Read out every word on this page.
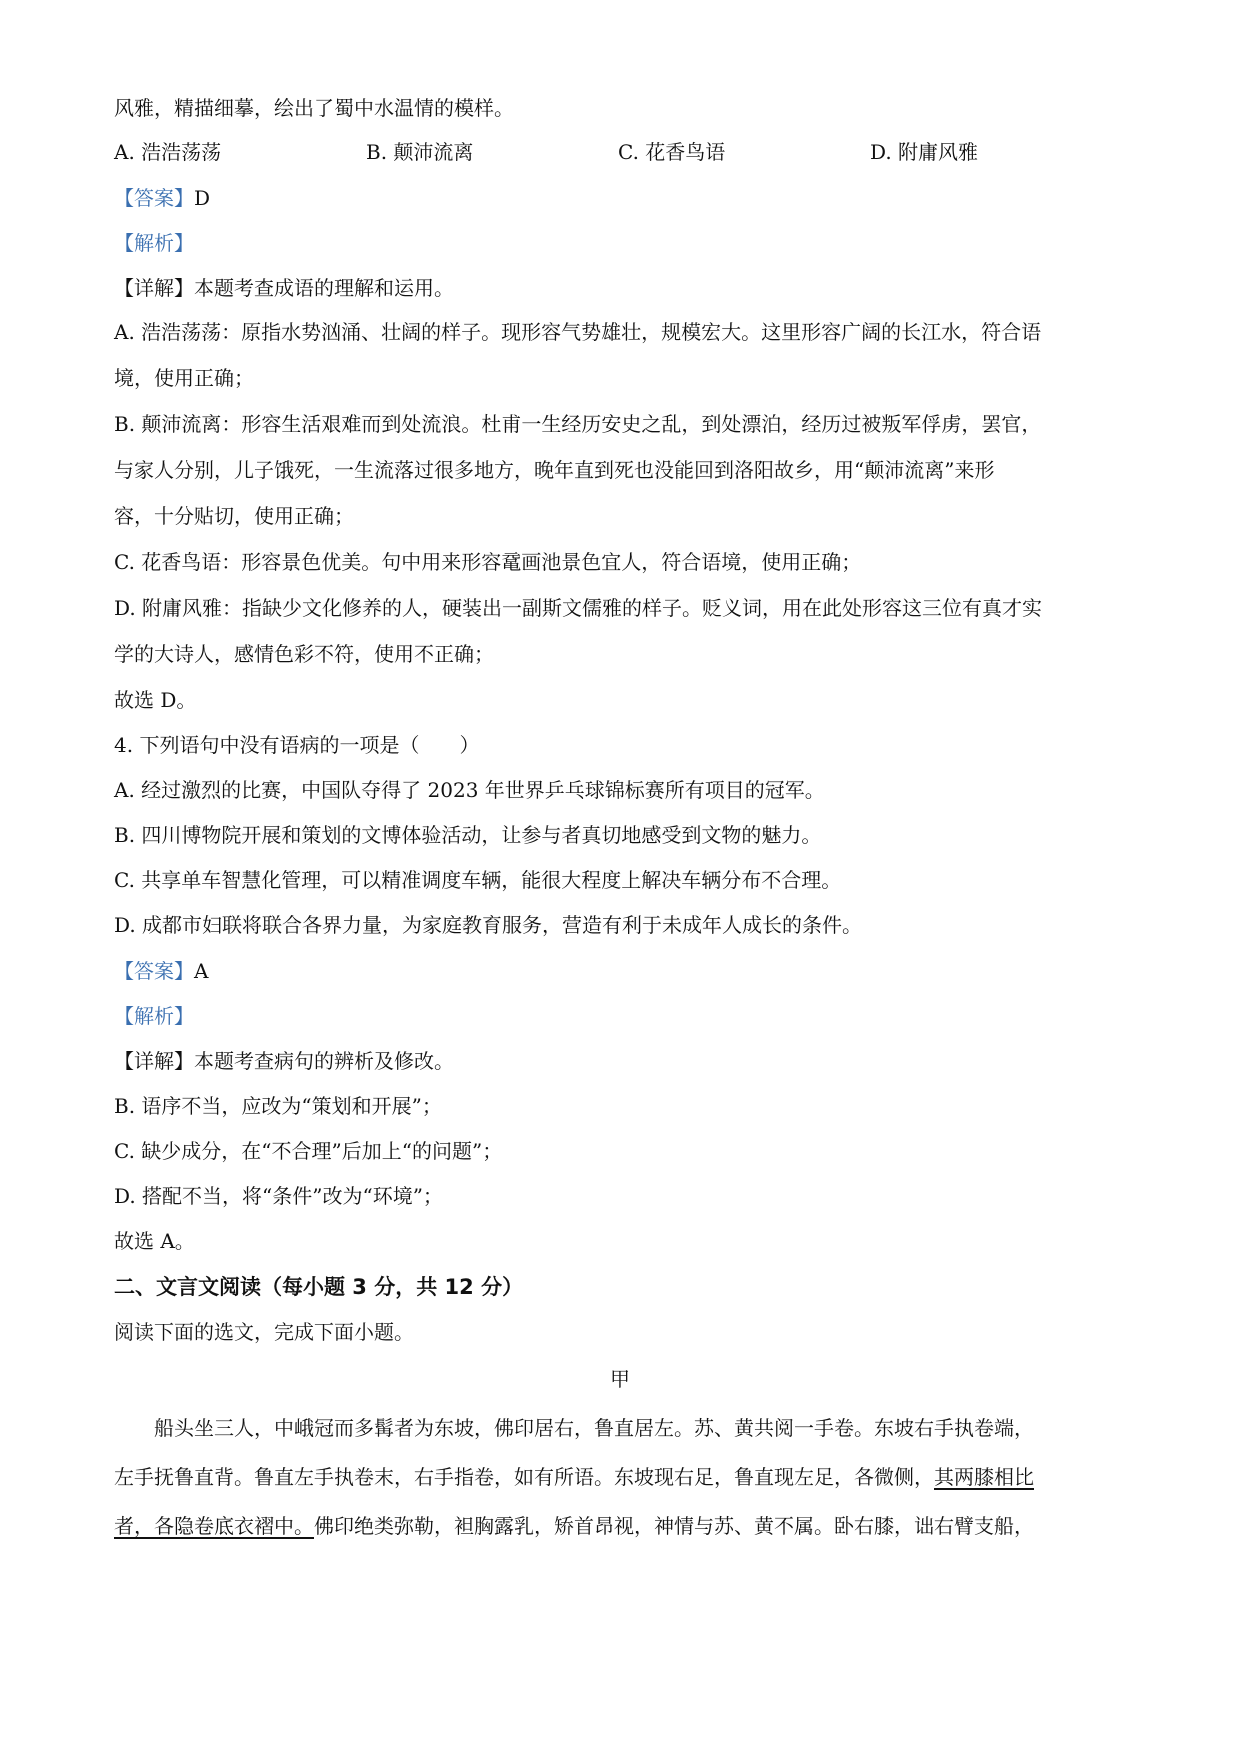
风雅，精描细摹，绘出了蜀中水温情的模样。
A. 浩浩荡荡	B. 颠沛流离	C. 花香鸟语	D. 附庸风雅
【答案】D
【解析】
【详解】本题考查成语的理解和运用。
A. 浩浩荡荡：原指水势汹涌、壮阔的样子。现形容气势雄壮，规模宏大。这里形容广阔的长江水，符合语
境，使用正确；
B. 颠沛流离：形容生活艰难而到处流浪。杜甫一生经历安史之乱，到处漂泊，经历过被叛军俘虏，罢官，
与家人分别，儿子饿死，一生流落过很多地方，晚年直到死也没能回到洛阳故乡，用“颠沛流离”来形
容，十分贴切，使用正确；
C. 花香鸟语：形容景色优美。句中用来形容鼋画池景色宜人，符合语境，使用正确；
D. 附庸风雅：指缺少文化修养的人，硬装出一副斯文儒雅的样子。贬义词，用在此处形容这三位有真才实
学的大诗人，感情色彩不符，使用不正确；
故选 D。
4. 下列语句中没有语病的一项是（　　）
A. 经过激烈的比赛，中国队夺得了 2023 年世界乒乓球锦标赛所有项目的冠军。
B. 四川博物院开展和策划的文博体验活动，让参与者真切地感受到文物的魅力。
C. 共享单车智慧化管理，可以精准调度车辆，能很大程度上解决车辆分布不合理。
D. 成都市妇联将联合各界力量，为家庭教育服务，营造有利于未成年人成长的条件。
【答案】A
【解析】
【详解】本题考查病句的辨析及修改。
B. 语序不当，应改为“策划和开展”；
C. 缺少成分，在“不合理”后加上“的问题”；
D. 搭配不当，将“条件”改为“环境”；
故选 A。
二、文言文阅读（每小题 3 分，共 12 分）
阅读下面的选文，完成下面小题。
甲
船头坐三人，中峨冠而多髯者为东坡，佛印居右，鲁直居左。苏、黄共阅一手卷。东坡右手执卷端，
左手抚鲁直背。鲁直左手执卷末，右手指卷，如有所语。东坡现右足，鲁直现左足，各微侧，其两膝相比
者，各隐卷底衣褶中。佛印绝类弥勒，袒胸露乳，矫首昂视，神情与苏、黄不属。卧右膝，诎右臂支船，
